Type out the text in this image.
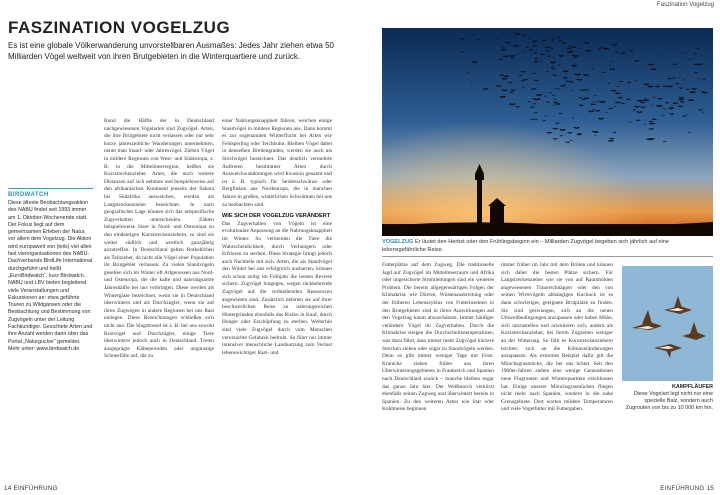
Faszination Vogelzug
FASZINATION VOGELZUG
Es ist eine globale Völkerwanderung unvorstellbaren Ausmaßes: Jedes Jahr ziehen etwa 50 Milliarden Vögel weltweit von ihren Brutgebieten in die Winterquartiere und zurück.
BIRDWATCH
Diese älteste Beobachtungsaktion des NABU findet seit 1993 immer am 1. Oktober-Wochenende statt. Der Fokus liegt auf dem gemeinsamen Erleben der Natur, vor allem dem Vogelzug. Die Aktion wird europaweit von (teils) viel allen fast vierorganisationen des NABU-Dachverbands BirdLife International durchgeführt und heißt „EuroBirdwatch“, kurz Birdwatch. NABU und LBV bieten begleitend viele Veranstaltungen und Exkursionen an: etwa geführte Touren zu Wildgänsen oder die Beobachtung und Bestimmung von Zugvögeln unter der Leitung Fachkundiger. Gesichtete Arten und ihre Anzahl werden dann über das Portal „Naturgucker“ gemeldet. Mehr unter: www.birdwatch.de

Rund die Hälfte der in Deutschland nachgewiesenen Vogelarten sind Zugvögel. Arten, die ihre Brutgebiete nicht verlassen oder nur sehr kurze jahreszeitliche Wanderungen unternehmen, nennt man Stand- oder Jahresvögel. Ziehen Vögel in mildere Regionen von West- und Südeuropa, z. B. in die Mittelmeerregion, heißen sie Kurzstreckenzieher. Arten, die noch weitere Distanzen auf sich nehmen und beispielsweise auf den afrikanischen Kontinent jenseits der Sahara bis Südafrika ausweichen, werden als Langstreckenzieher bezeichnet. Je nach geografischer Lage können sich das artspezifische Zugverhalten unterscheiden. Zählen beispielsweise Stare in Nord- und Osteuropa zu den eindeutigen Kurzstreckenziehern, so sind sie weiter südlich und westlich ganzjährig anzutreffen. In Deutschland gelten Rotkehlchen als Teilzieher, da nicht alle Vögel einer Population ihr Brutgebiet verlassen. Zu vielen Standvögeln gesellen sich im Winter oft Artgenossen aus Nord- und Osteuropa, die die kalte und nahrungsarme Jahreshälfte bei uns verbringen. Diese werden als Wintergäste bezeichnet, wenn sie in Deutschland überwintern und als Durchzügler, wenn sie auf ihren Zugwegen in andere Regionen bei uns Rast einlegen. Diese Bezeichnungen schließen sich nicht aus: Die Singdrossel ist z. B. bei uns sowohl Brutvogel und Durchzügler, einige Tiere überwintern jedoch auch in Deutschland. Treten ausgeprägte Kälteperioden oder ungünstige Schneefälle auf, die zu

einer Nahrungsknappheit führen, weichen einige Standvögel in mildere Regionen aus. Dann kommt es zur sogenannten Winterflucht bei Arten wie Feldsperling oder Teichhuhn. Bleiben Vögel dabei in denselben Breitengraden, werden sie auch als Strichvögel bezeichnet. Das deutlich vermehrte Auftreten bestimmter Arten durch Ausweichwanderungen wird Invasion genannt und ist z. B. typisch für Seidenschwänze oder Bergfinken aus Nordeuropa, die in manchen Jahren in großen, winterlichen Schwärmen bei uns zu beobachten sind.

WIE SICH DER VOGELZUG VERÄNDERT

Das Zugverhalten von Vögeln ist eine evolutionäre Anpassung an die Nahrungsknappheit im Winter. So vermeiden die Tiere die Wahrscheinlichkeit, durch Verhungern oder Erfrieren zu sterben. Diese Strategie bringt jedoch auch Nachteile mit sich. Arten, die als Standvögel den Winter bei uns erfolgreich ausharren, können sich schon zeitig im Frühjahr die besten Reviere sichern. Zugvögel hingegen, wegen rückkehrende Zugvögel auf die verbleibenden Ressourcen angewiesen sind. Zusätzlich nehmen sie auf ihrer beschwerlichen Reise zu nahrungsreichen Hintergründen ebenfalls das Risiko in Kauf, durch Hunger oder Erschöpfung zu sterben. Weiterhin sind viele Zugvögel durch vom Menschen verursachte Gefahren bedroht. So führt nur immer intensiver menschliche Landnutzung zum Verlust lebenswichtiger Rast- und

VOGELZUG Er läutet den Herbst oder den Frühlingsbeginn ein – Milliarden Zugvögel begeben sich jährlich auf eine lebensgefährliche Reise.

Futterplätze auf dem Zugweg. Die traditionelle Jagd auf Zugvögel im Mittelmeerraum und Afrika oder ungesicherte Stromleitungen sind ein weiteres Problem. Die bereits allgegenwärtigen Folgen der Klimakrise wie Dürren, Wüstenausbreitung oder der früheren Lebenszyklus von Futterinsekten in den Brutgebieten sind in ihren Auswirkungen auf den Vogelzug kaum abzuschätzen. Immer häufiger verändern Vögel ihr Zugverhalten. Durch die Klimakrise steigen die Durchschnittstemperaturen, was dazu führt, dass immer mehr Zugvögel kürzere Strecken ziehen oder sogar zu Standvögeln werden. Denn es gibt immer weniger Tage mit Frost. Kraniche ziehen früher aus ihren Überwinterungsgebieten in Frankreich und Spanien nach Deutschland zurück – manche bleiben sogar das ganze Jahr hier. Der Weißstorch verkürzt ebenfalls seinen Zugweg und überwintert bereits in Spanien. Zu den weiteren Arten wie Star oder Kohlmeise beginnen

immer früher im Jahr mit dem Brüten und können sich daher die besten Plätze sichern. Für Langstreckenzieher wie sie von auf Raumhöhlen angewiesenen Trauerschnäpper oder den von seinen Wirtsvögeln abhängigen Kuckuck ist es dann schwieriger, geeignete Brutplätze zu finden. Sie sind gezwungen, sich an die neuen Umweltbedingungen anzupassen oder haben Mühe, sich umzustellen und orientieren sich, andern als Kurzstreckenzieher, bei ihrem Zugzeiten weniger an der Witterung. So fällt es Kurzstreckenziehern leichter, sich an die Klimaveränderungen anzupassen. Als extremes Beispiel dafür gilt die Mönchsgrasmücke, die bei uns brütet. Seit den 1960er-Jahren ziehen eine wenige Generationen neue Flugrouten und Winterquartiere erschlossen hat. Einige unserer Mönchsgrasmücken fliegen nicht mehr nach Spanien, sondern in die nahe Grenzgebiete. Dort warten mildere Temperaturen und viele Vogelfutter mit Futtergaben.

KAMPFLÄUFER
Diese Vogelart legt nicht nur eine spezielle Balz, sondern auch Zugrouten von bis zu 10 000 km hin.
14 EINFÜHRUNG	EINFÜHRUNG 15
